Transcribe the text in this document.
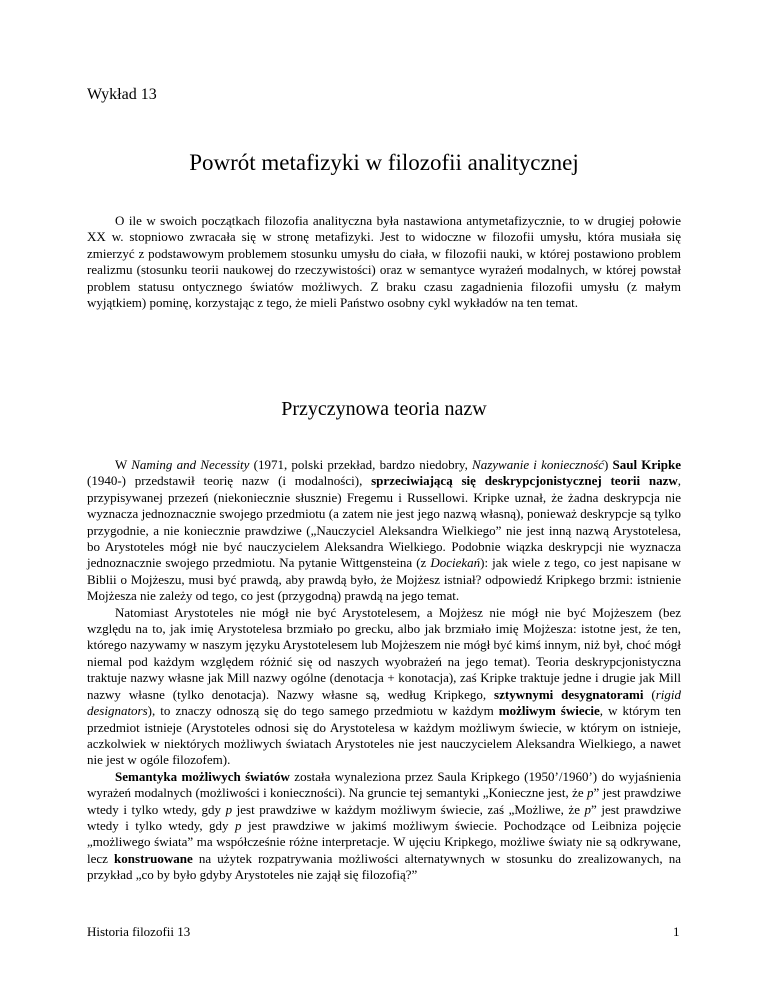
Wykład 13

Powrót metafizyki w filozofii analitycznej

O ile w swoich początkach filozofia analityczna była nastawiona antymetafizycznie, to w drugiej połowie XX w. stopniowo zwracała się w stronę metafizyki. Jest to widoczne w filozofii umysłu, która musiała się zmierzyć z podstawowym problemem stosunku umysłu do ciała, w filozofii nauki, w której postawiono problem realizmu (stosunku teorii naukowej do rzeczywistości) oraz w semantyce wyrażeń modalnych, w której powstał problem statusu ontycznego światów możliwych. Z braku czasu zagadnienia filozofii umysłu (z małym wyjątkiem) pominę, korzystając z tego, że mieli Państwo osobny cykl wykładów na ten temat.

Przyczynowa teoria nazw

W Naming and Necessity (1971, polski przekład, bardzo niedobry, Nazywanie i konieczność) Saul Kripke (1940-) przedstawił teorię nazw (i modalności), sprzeciwiającą się deskrypcjonistycznej teorii nazw, przypisywanej przezeń (niekoniecznie słusznie) Fregemu i Russellowi. Kripke uznał, że żadna deskrypcja nie wyznacza jednoznacznie swojego przedmiotu (a zatem nie jest jego nazwą własną), ponieważ deskrypcje są tylko przygodnie, a nie koniecznie prawdziwe („Nauczyciel Aleksandra Wielkiego” nie jest inną nazwą Arystotelesa, bo Arystoteles mógł nie być nauczycielem Aleksandra Wielkiego. Podobnie wiązka deskrypcji nie wyznacza jednoznacznie swojego przedmiotu. Na pytanie Wittgensteina (z Dociekań): jak wiele z tego, co jest napisane w Biblii o Mojżeszu, musi być prawdą, aby prawdą było, że Mojżesz istniał? odpowiedź Kripkego brzmi: istnienie Mojżesza nie zależy od tego, co jest (przygodną) prawdą na jego temat.

Natomiast Arystoteles nie mógł nie być Arystotelesem, a Mojżesz nie mógł nie być Mojżeszem (bez względu na to, jak imię Arystotelesa brzmiało po grecku, albo jak brzmiało imię Mojżesza: istotne jest, że ten, którego nazywamy w naszym języku Arystotelesem lub Mojżeszem nie mógł być kimś innym, niż był, choć mógł niemal pod każdym względem różnić się od naszych wyobrażeń na jego temat). Teoria deskrypcjonistyczna traktuje nazwy własne jak Mill nazwy ogólne (denotacja + konotacja), zaś Kripke traktuje jedne i drugie jak Mill nazwy własne (tylko denotacja). Nazwy własne są, według Kripkego, sztywnymi desygnatorami (rigid designators), to znaczy odnoszą się do tego samego przedmiotu w każdym możliwym świecie, w którym ten przedmiot istnieje (Arystoteles odnosi się do Arystotelesa w każdym możliwym świecie, w którym on istnieje, aczkolwiek w niektórych możliwych światach Arystoteles nie jest nauczycielem Aleksandra Wielkiego, a nawet nie jest w ogóle filozofem).

Semantyka możliwych światów została wynaleziona przez Saula Kripkego (1950’/1960’) do wyjaśnienia wyrażeń modalnych (możliwości i konieczności). Na gruncie tej semantyki „Konieczne jest, że p” jest prawdziwe wtedy i tylko wtedy, gdy p jest prawdziwe w każdym możliwym świecie, zaś „Możliwe, że p” jest prawdziwe wtedy i tylko wtedy, gdy p jest prawdziwe w jakimś możliwym świecie. Pochodzące od Leibniza pojęcie „możliwego świata” ma współcześnie różne interpretacje. W ujęciu Kripkego, możliwe światy nie są odkrywane, lecz konstruowane na użytek rozpatrywania możliwości alternatywnych w stosunku do zrealizowanych, na przykład „co by było gdyby Arystoteles nie zajął się filozofią?”

Historia filozofii 13	1
